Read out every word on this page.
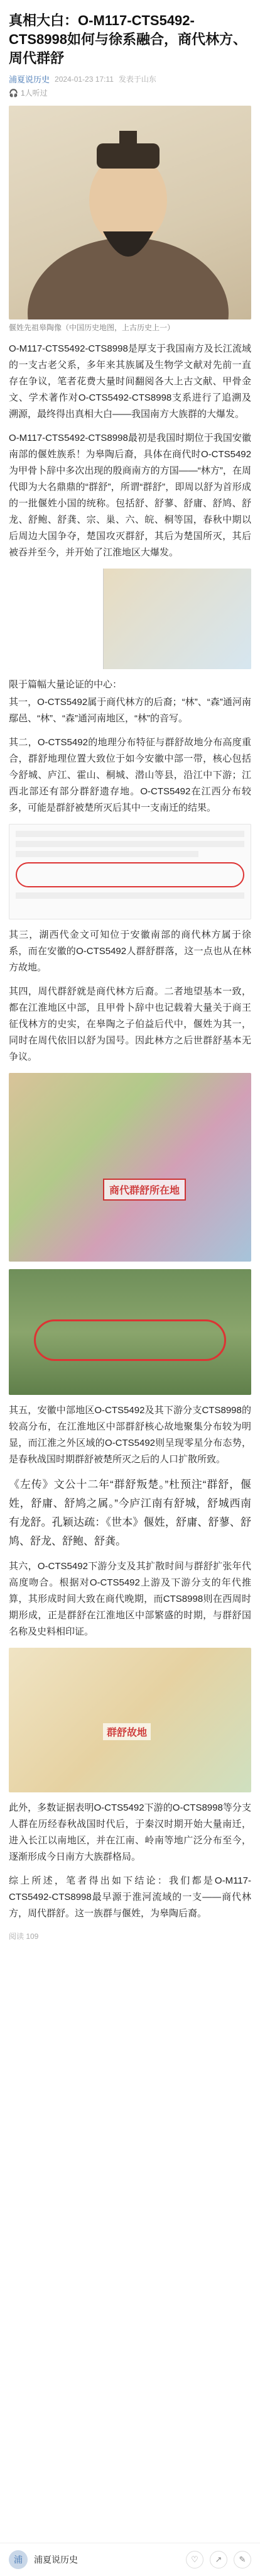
真相大白：O-M117-CTS5492-CTS8998如何与徐系融合，商代林方、周代群舒
浦夏说历史 2024-01-23 17:11 发表于山东
🎧 1人听过
偃姓先祖皋陶像（中国历史地图，上古历史上一）

O-M117-CTS5492-CTS8998是厚支于我国南方及长江流域的一支古老父系，多年来其族属及生物学文献对先前一直存在争议，笔者花费大量时间翻阅各大上古文献、甲骨金文、学术著作对O-CTS5492-CTS8998支系进行了追溯及溯源，最终得出真相大白——我国南方大族群的大爆发。

O-M117-CTS5492-CTS8998最初是我国时期位于我国安徽南部的偃姓族系！为皋陶后裔，具体在商代时O-CTS5492为甲骨卜辞中多次出现的殷商南方的方国——“林方”，在周代即为大名鼎鼎的“群舒”，所谓“群舒”，即周以舒为首形成的一批偃姓小国的统称。包括舒、舒蓼、舒庸、舒鸠、舒龙、舒鲍、舒龚、宗、巢、六、皖、桐等国，春秋中期以后周边大国争夺，楚国攻灭群舒，其后为楚国所灭，其后被吞并至今，并开始了江淮地区大爆发。

限于篇幅大量论证的中心：

其一，O-CTS5492属于商代林方的后裔；“林”、“森”通河南鄢邑、“林”、“森”通河南地区，“林”的音写。

其二，O-CTS5492的地理分布特征与群舒故地分布高度重合，群舒地理位置大致位于如今安徽中部一带，核心包括今舒城、庐江、霍山、桐城、潜山等县，沿江中下游；江西北部还有部分群舒遗存地。O-CTS5492在江西分布较多，可能是群舒被楚所灭后其中一支南迁的结果。

其三，湖西代金文可知位于安徽南部的商代林方属于徐系，而在安徽的O-CTS5492人群舒群落，这一点也从在林方故地。

其四，周代群舒就是商代林方后裔。二者地望基本一致，都在江淮地区中部，且甲骨卜辞中也记载着大量关于商王征伐林方的史实，在皋陶之子伯益后代中，偃姓为其一，同时在周代依旧以舒为国号。因此林方之后世群舒基本无争议。

商代群舒所在地

其五，安徽中部地区O-CTS5492及其下游分支CTS8998的较高分布，在江淮地区中部群舒核心故地聚集分布较为明显，而江淮之外区域的O-CTS5492则呈现零星分布态势，是春秋战国时期群舒被楚所灭之后的人口扩散所致。

《左传》文公十二年“群舒叛楚。”杜预注“群舒，偃姓，舒庸、舒鸠之属。”今庐江南有舒城，舒城西南有龙舒。孔颖达疏：《世本》偃姓，舒庸、舒蓼、舒鸠、舒龙、舒鲍、舒龚。

其六，O-CTS5492下游分支及其扩散时间与群舒扩张年代高度吻合。根据对O-CTS5492上游及下游分支的年代推算，其形成时间大致在商代晚期，而CTS8998则在西周时期形成，正是群舒在江淮地区中部繁盛的时期，与群舒国名称及史料相印证。

群舒故地

此外，多数证据表明O-CTS5492下游的O-CTS8998等分支人群在历经春秋战国时代后，于秦汉时期开始大量南迁，进入长江以南地区，并在江南、岭南等地广泛分布至今，逐渐形成今日南方大族群格局。

综上所述，笔者得出如下结论：我们都是O-M117-CTS5492-CTS8998最早源于淮河流域的一支——商代林方，周代群舒。这一族群与偃姓，为皋陶后裔。

阅读 109
浦	浦夏说历史	♡	↗	✎
